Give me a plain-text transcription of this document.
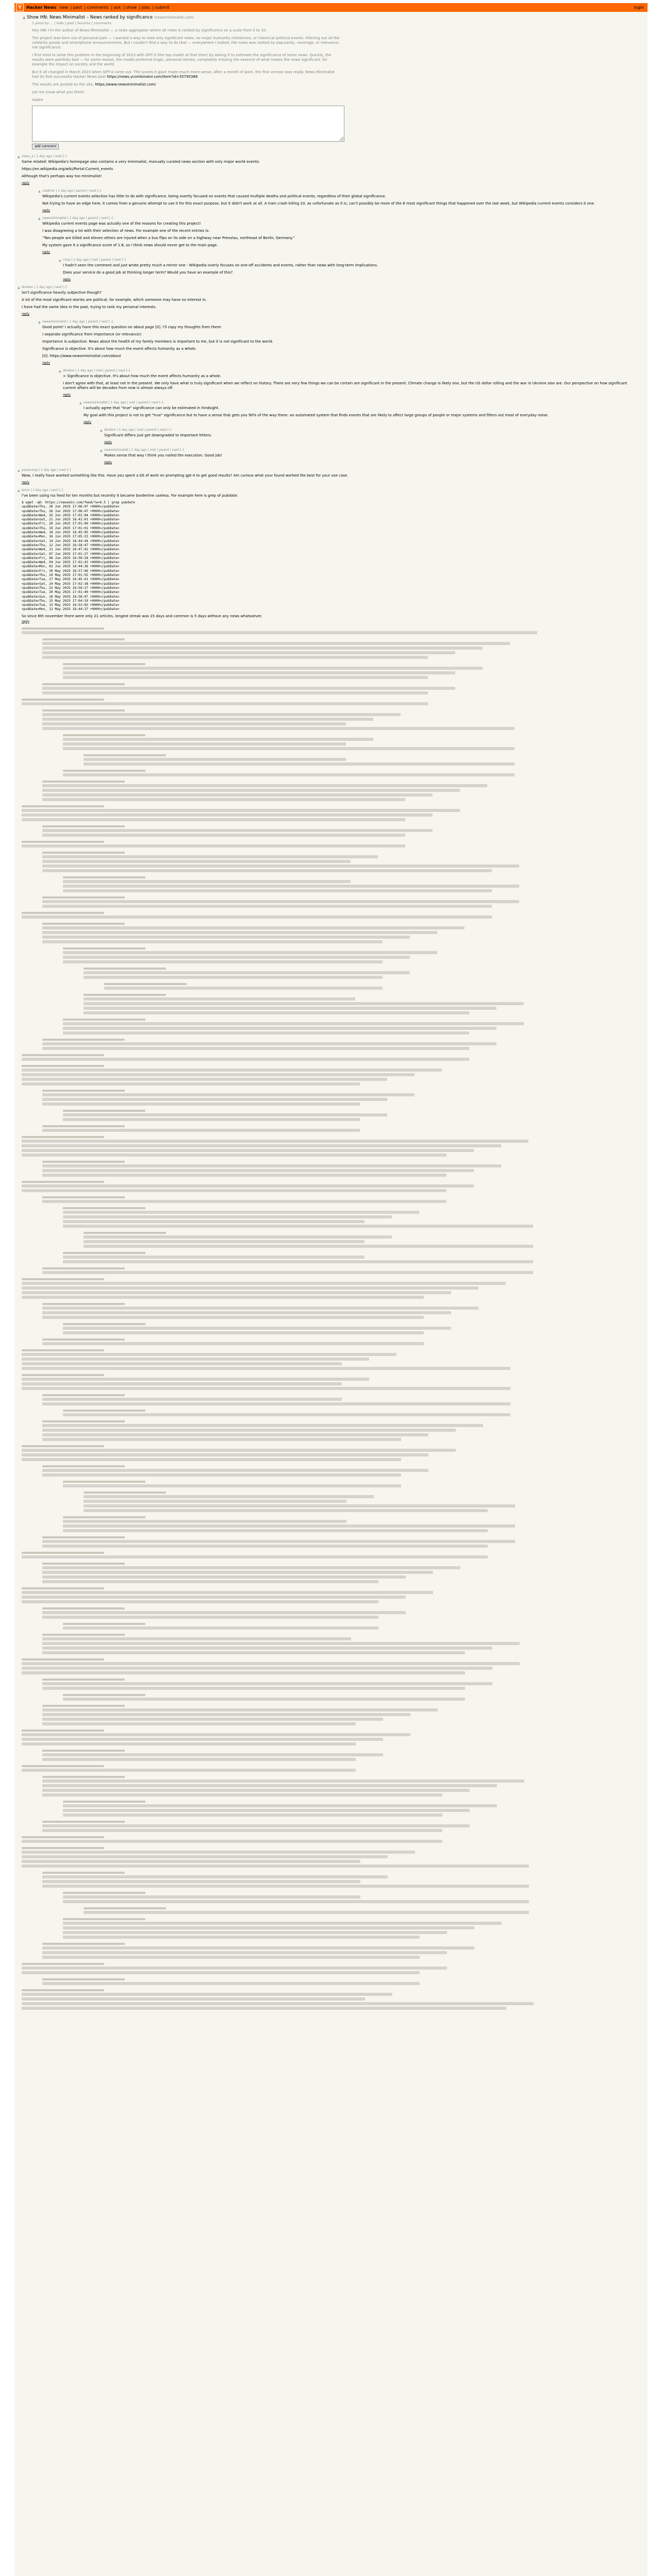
Y	Hacker News new | past | comments | ask | show | jobs | submit	login
▲ Show HN: News Minimalist – News ranked by significance (newsminimalist.com)
1 point by ... | hide | past | favorite | comments

Hey HN! I'm the author of News Minimalist — a news aggregator where all news is ranked by significance on a scale from 0 to 10.

The project was born out of personal pain — I wanted a way to read only significant news, no major humanity milestones, or historical political events. Filtering out all the celebrity gossip and smartphone announcements. But I couldn't find a way to do that — everywhere I looked, the news was ranked by popularity, coverage, or relevance, not significance.

I first tried to solve this problem in the beginning of 2023 with GPT-3 (the top model at that time) by asking it to estimate the significance of some news. Quickly, the results were painfully bad — for some reason, the model preferred tragic, personal stories, completely missing the essence of what makes the news significant, for example the impact on society and the world.

But it all changed in March 2023 when GPT-4 came out. The scores it gave made much more sense. After a month of work, the first version was ready. News Minimalist had its first successful Hacker News post https://news.ycombinator.com/item?id=35795388

The results are posted on the site, https://www.newsminimalist.com/

Let me know what you think!

Vadim

add comment
▲ vlaev_a | 1 day ago | next [–]

Same related: Wikipedia's homepage also contains a very minimalist, manually curated news section with only major world events:

https://en.wikipedia.org/wiki/Portal:Current_events

Although that's perhaps way too minimalist!

reply
▲ vladimir | 1 day ago | parent | next [–]

Wikipedia's current events selection has little to do with significance, being overtly focused on events that caused multiple deaths and political events, regardless of their global significance.

Not trying to have an edge here, it comes from a genuine attempt to use it for this exact purpose, but it didn't work at all. A train crash killing 10, as unfortunate as it is, can't possibly be more of the 8 most significant things that happened over the last week, but Wikipedia current events considers it one.

reply
▲ newsminimalist | 1 day ago | parent | next [–]

Wikipedia current events page was actually one of the reasons for creating this project!

I was disagreeing a lot with their selection of news. For example one of the recent entries is:

"Two people are killed and eleven others are injured when a bus flips on its side on a highway near Prenzlau, northeast of Berlin, Germany."

My system gave it a significance score of 1.8, so I think news should never get to the main page.

reply
▲ crisa | 1 day ago | root | parent | next [–]

I hadn't seen the comment and just wrote pretty much a mirror one - Wikipedia overly focuses on one-off accidents and events, rather than news with long-term implications.

Does your service do a good job at thinking longer term? Would you have an example of this?

reply
▲ dimbon | 1 day ago | next [–]

Isn't significance heavily subjective though?

A lot of the most significant stories are political, for example, which someone may have no interest in.

I have had the same idea in the past, trying to rank my personal interests.

reply
▲ newsminimalist | 1 day ago | parent | next [–]

Good point! I actually have this exact question on about page [0]. I'll copy my thoughts from there:

I separate significance from importance (or relevance):

Importance is subjective. News about the health of my family members is important to me, but it is not significant to the world.

Significance is objective. It's about how much the event affects humanity as a whole.

[0]: https://www.newsminimalist.com/about

reply
▲ dimbon | 1 day ago | root | parent | next [–]

> Significance is objective. It's about how much the event affects humanity as a whole.

I don't agree with that, at least not in the present. We only have what is truly significant when we reflect on history. There are very few things we can be certain are significant in the present. Climate change is likely one, but the US dollar rolling and the war in Ukraine also are. Our perspective on how significant current affairs will be decades from now is almost always off.

reply
▲ newsminimalist | 1 day ago | root | parent | next [–]

I actually agree that "true" significance can only be estimated in hindsight.

My goal with this project is not to get "true" significance but to have a sense that gets you 90% of the way there: an automated system that finds events that are likely to affect large groups of people or major systems and filters out most of everyday noise.

reply
▲ dimbon | 1 day ago | root | parent | next [–]

Significant differs just get downgraded to Important hitters.

reply
▲ newsminimalist | 1 day ago | root | parent | next [–]

Makes sense that way I think you nailed the execution. Good job!

reply
▲ paulocoop | 1 day ago | next [–]

Wow, I really have wanted something like this. Have you spent a bit of work on prompting gpt-4 to get good results? Am curious what your found worked the best for your use case.

reply
▲ bmm | 1 day ago | next [–]

I've been using rss feed for ten months but recently it became borderline useless. For example here is grep of pubdate:

$ wget -qO- https://newsmin.com/feed/?w=6.5 | grep pubdate
<pubDate>Thu, 26 Jun 2025 17:06:07 +0000</pubDate>
<pubDate>Thu, 26 Jun 2025 17:06:47 +0000</pubDate>
<pubDate>Wed, 25 Jun 2025 17:01:04 +0000</pubDate>
<pubDate>Sat, 21 Jun 2025 16:41:01 +0000</pubDate>
<pubDate>Fri, 20 Jun 2025 17:01:00 +0000</pubDate>
<pubDate>Thu, 19 Jun 2025 17:01:01 +0000</pubDate>
<pubDate>Wed, 18 Jun 2025 16:45:05 +0000</pubDate>
<pubDate>Mon, 16 Jun 2025 17:05:23 +0000</pubDate>
<pubDate>Sat, 14 Jun 2025 16:44:44 +0000</pubDate>
<pubDate>Thu, 12 Jun 2025 16:58:47 +0000</pubDate>
<pubDate>Wed, 11 Jun 2025 16:47:42 +0000</pubDate>
<pubDate>Sat, 07 Jun 2025 17:01:27 +0000</pubDate>
<pubDate>Fri, 06 Jun 2025 16:50:28 +0000</pubDate>
<pubDate>Wed, 04 Jun 2025 17:01:43 +0000</pubDate>
<pubDate>Mon, 02 Jun 2025 16:44:36 +0000</pubDate>
<pubDate>Fri, 30 May 2025 16:57:46 +0000</pubDate>
<pubDate>Thu, 29 May 2025 17:01:55 +0000</pubDate>
<pubDate>Tue, 27 May 2025 16:45:41 +0000</pubDate>
<pubDate>Sat, 24 May 2025 17:02:38 +0000</pubDate>
<pubDate>Thu, 22 May 2025 16:59:17 +0000</pubDate>
<pubDate>Tue, 20 May 2025 17:01:49 +0000</pubDate>
<pubDate>Sun, 18 May 2025 16:58:07 +0000</pubDate>
<pubDate>Thu, 15 May 2025 17:04:19 +0000</pubDate>
<pubDate>Tue, 13 May 2025 16:53:02 +0000</pubDate>
<pubDate>Mon, 12 May 2025 16:44:37 +0000</pubDate>
So since 6th november there were only 21 articles, longest streak was 15 days and common is 5 days without any news whatsoever.
reply
